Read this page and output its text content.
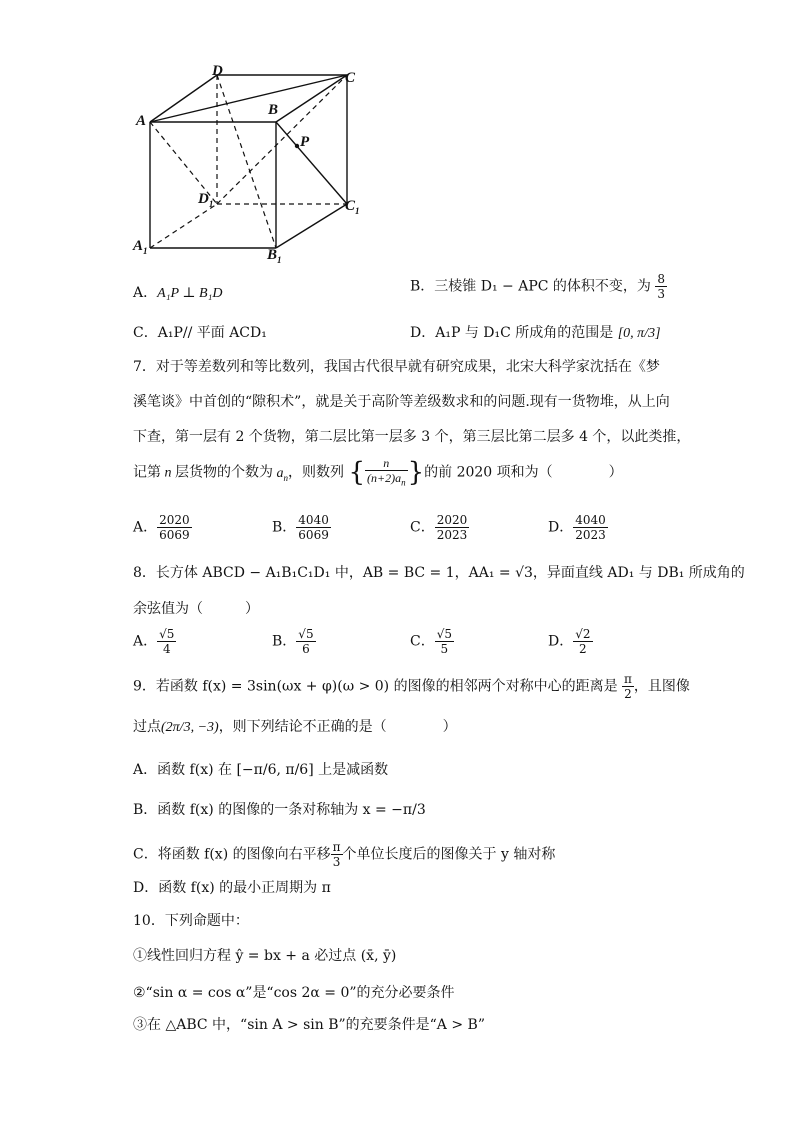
D	C
A
B
P
$D_1$	$C_1$
$A_1$	$B_1$
A．A₁P ⊥ B₁D	B．三棱锥 D₁ − APC 的体积不变，为 $\frac{8}{3}$
C．A₁P// 平面 ACD₁	D．A₁P 与 D₁C 所成角的范围是 [0, π/3]
7．对于等差数列和等比数列，我国古代很早就有研究成果，北宋大科学家沈括在《梦
溪笔谈》中首创的“隙积术”，就是关于高阶等差级数求和的问题.现有一货物堆，从上向
下查，第一层有 2 个货物，第二层比第一层多 3 个，第三层比第二层多 4 个，以此类推，
记第 n 层货物的个数为 $a_n$，则数列 { $\frac{n}{(n+2)a_n}$ }的前 2020 项和为（　　　　）
A． $\frac{2020}{6069}$	B． $\frac{4040}{6069}$	C． $\frac{2020}{2023}$	D． $\frac{4040}{2023}$
8．长方体 ABCD − A₁B₁C₁D₁ 中，AB = BC = 1，AA₁ = √3，异面直线 AD₁ 与 DB₁ 所成角的
余弦值为（　　　）
A． $\frac{√5}{4}$	B． $\frac{√5}{6}$	C． $\frac{√5}{5}$	D． $\frac{√2}{2}$
9．若函数 f(x) = 3sin(ωx + φ)(ω > 0) 的图像的相邻两个对称中心的距离是 $\frac{\pi}{2}$ ，且图像
过点(2π/3, −3)，则下列结论不正确的是（　　　　）
A．函数 f(x) 在 [−π/6, π/6] 上是减函数
B．函数 f(x) 的图像的一条对称轴为 x = −π/3
C．将函数 f(x) 的图像向右平移 $\frac{\pi}{3}$ 个单位长度后的图像关于 y 轴对称
D．函数 f(x) 的最小正周期为 π
10．下列命题中：
①线性回归方程 ŷ = bx + a 必过点 (x̄, ȳ)
②“sin α = cos α”是“cos 2α = 0”的充分必要条件
③在 △ABC 中，“sin A > sin B”的充要条件是“A > B”
